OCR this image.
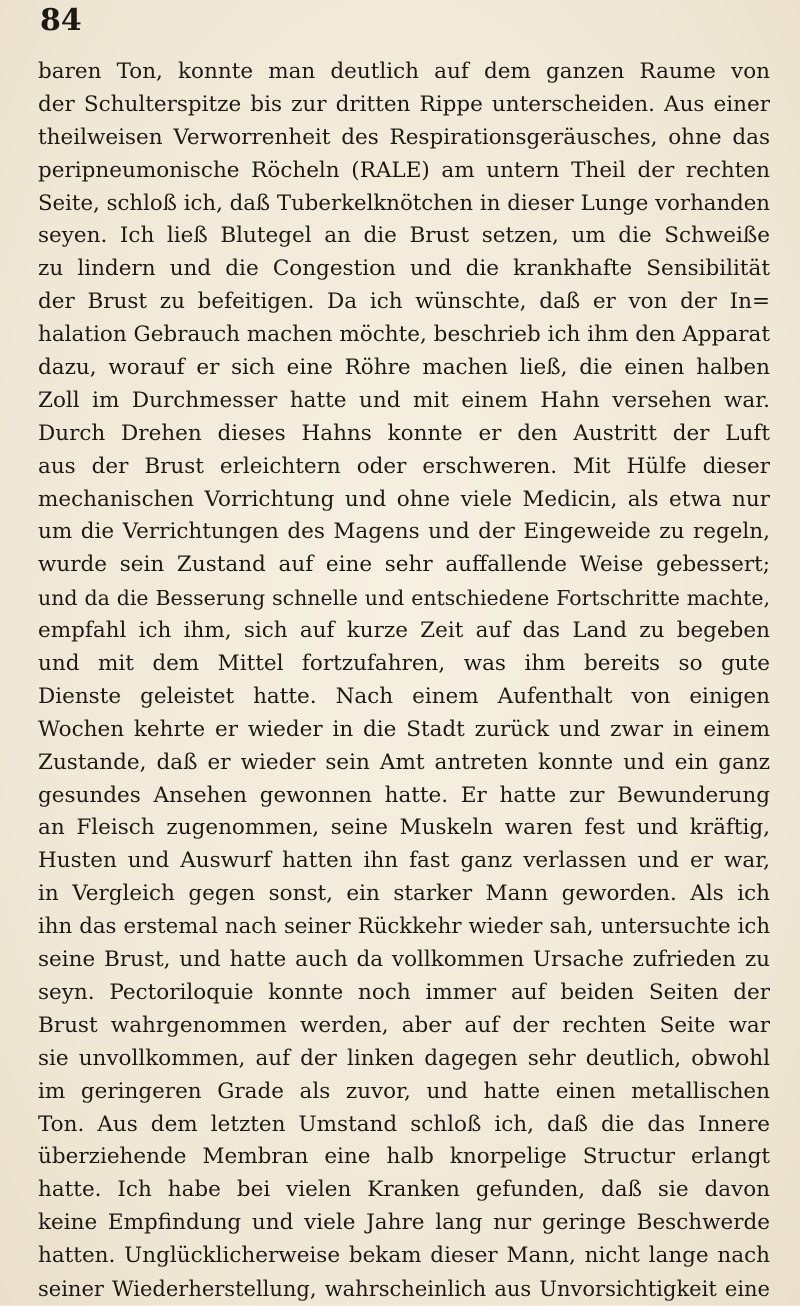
84
baren Ton, konnte man deutlich auf dem ganzen Raume von
der Schulterspitze bis zur dritten Rippe unterscheiden. Aus einer
theilweisen Verworrenheit des Respirationsgeräusches, ohne das
peripneumonische Röcheln (RALE) am untern Theil der rechten
Seite, schloß ich, daß Tuberkelknötchen in dieser Lunge vorhanden
seyen. Ich ließ Blutegel an die Brust setzen, um die Schweiße
zu lindern und die Congestion und die krankhafte Sensibilität
der Brust zu befeitigen. Da ich wünschte, daß er von der In=
halation Gebrauch machen möchte, beschrieb ich ihm den Apparat
dazu, worauf er sich eine Röhre machen ließ, die einen halben
Zoll im Durchmesser hatte und mit einem Hahn versehen war.
Durch Drehen dieses Hahns konnte er den Austritt der Luft
aus der Brust erleichtern oder erschweren. Mit Hülfe dieser
mechanischen Vorrichtung und ohne viele Medicin, als etwa nur
um die Verrichtungen des Magens und der Eingeweide zu regeln,
wurde sein Zustand auf eine sehr auffallende Weise gebessert;
und da die Besserung schnelle und entschiedene Fortschritte machte,
empfahl ich ihm, sich auf kurze Zeit auf das Land zu begeben
und mit dem Mittel fortzufahren, was ihm bereits so gute
Dienste geleistet hatte. Nach einem Aufenthalt von einigen
Wochen kehrte er wieder in die Stadt zurück und zwar in einem
Zustande, daß er wieder sein Amt antreten konnte und ein ganz
gesundes Ansehen gewonnen hatte. Er hatte zur Bewunderung
an Fleisch zugenommen, seine Muskeln waren fest und kräftig,
Husten und Auswurf hatten ihn fast ganz verlassen und er war,
in Vergleich gegen sonst, ein starker Mann geworden. Als ich
ihn das erstemal nach seiner Rückkehr wieder sah, untersuchte ich
seine Brust, und hatte auch da vollkommen Ursache zufrieden zu
seyn. Pectoriloquie konnte noch immer auf beiden Seiten der
Brust wahrgenommen werden, aber auf der rechten Seite war
sie unvollkommen, auf der linken dagegen sehr deutlich, obwohl
im geringeren Grade als zuvor, und hatte einen metallischen
Ton. Aus dem letzten Umstand schloß ich, daß die das Innere
überziehende Membran eine halb knorpelige Structur erlangt
hatte. Ich habe bei vielen Kranken gefunden, daß sie davon
keine Empfindung und viele Jahre lang nur geringe Beschwerde
hatten. Unglücklicherweise bekam dieser Mann, nicht lange nach
seiner Wiederherstellung, wahrscheinlich aus Unvorsichtigkeit eine
